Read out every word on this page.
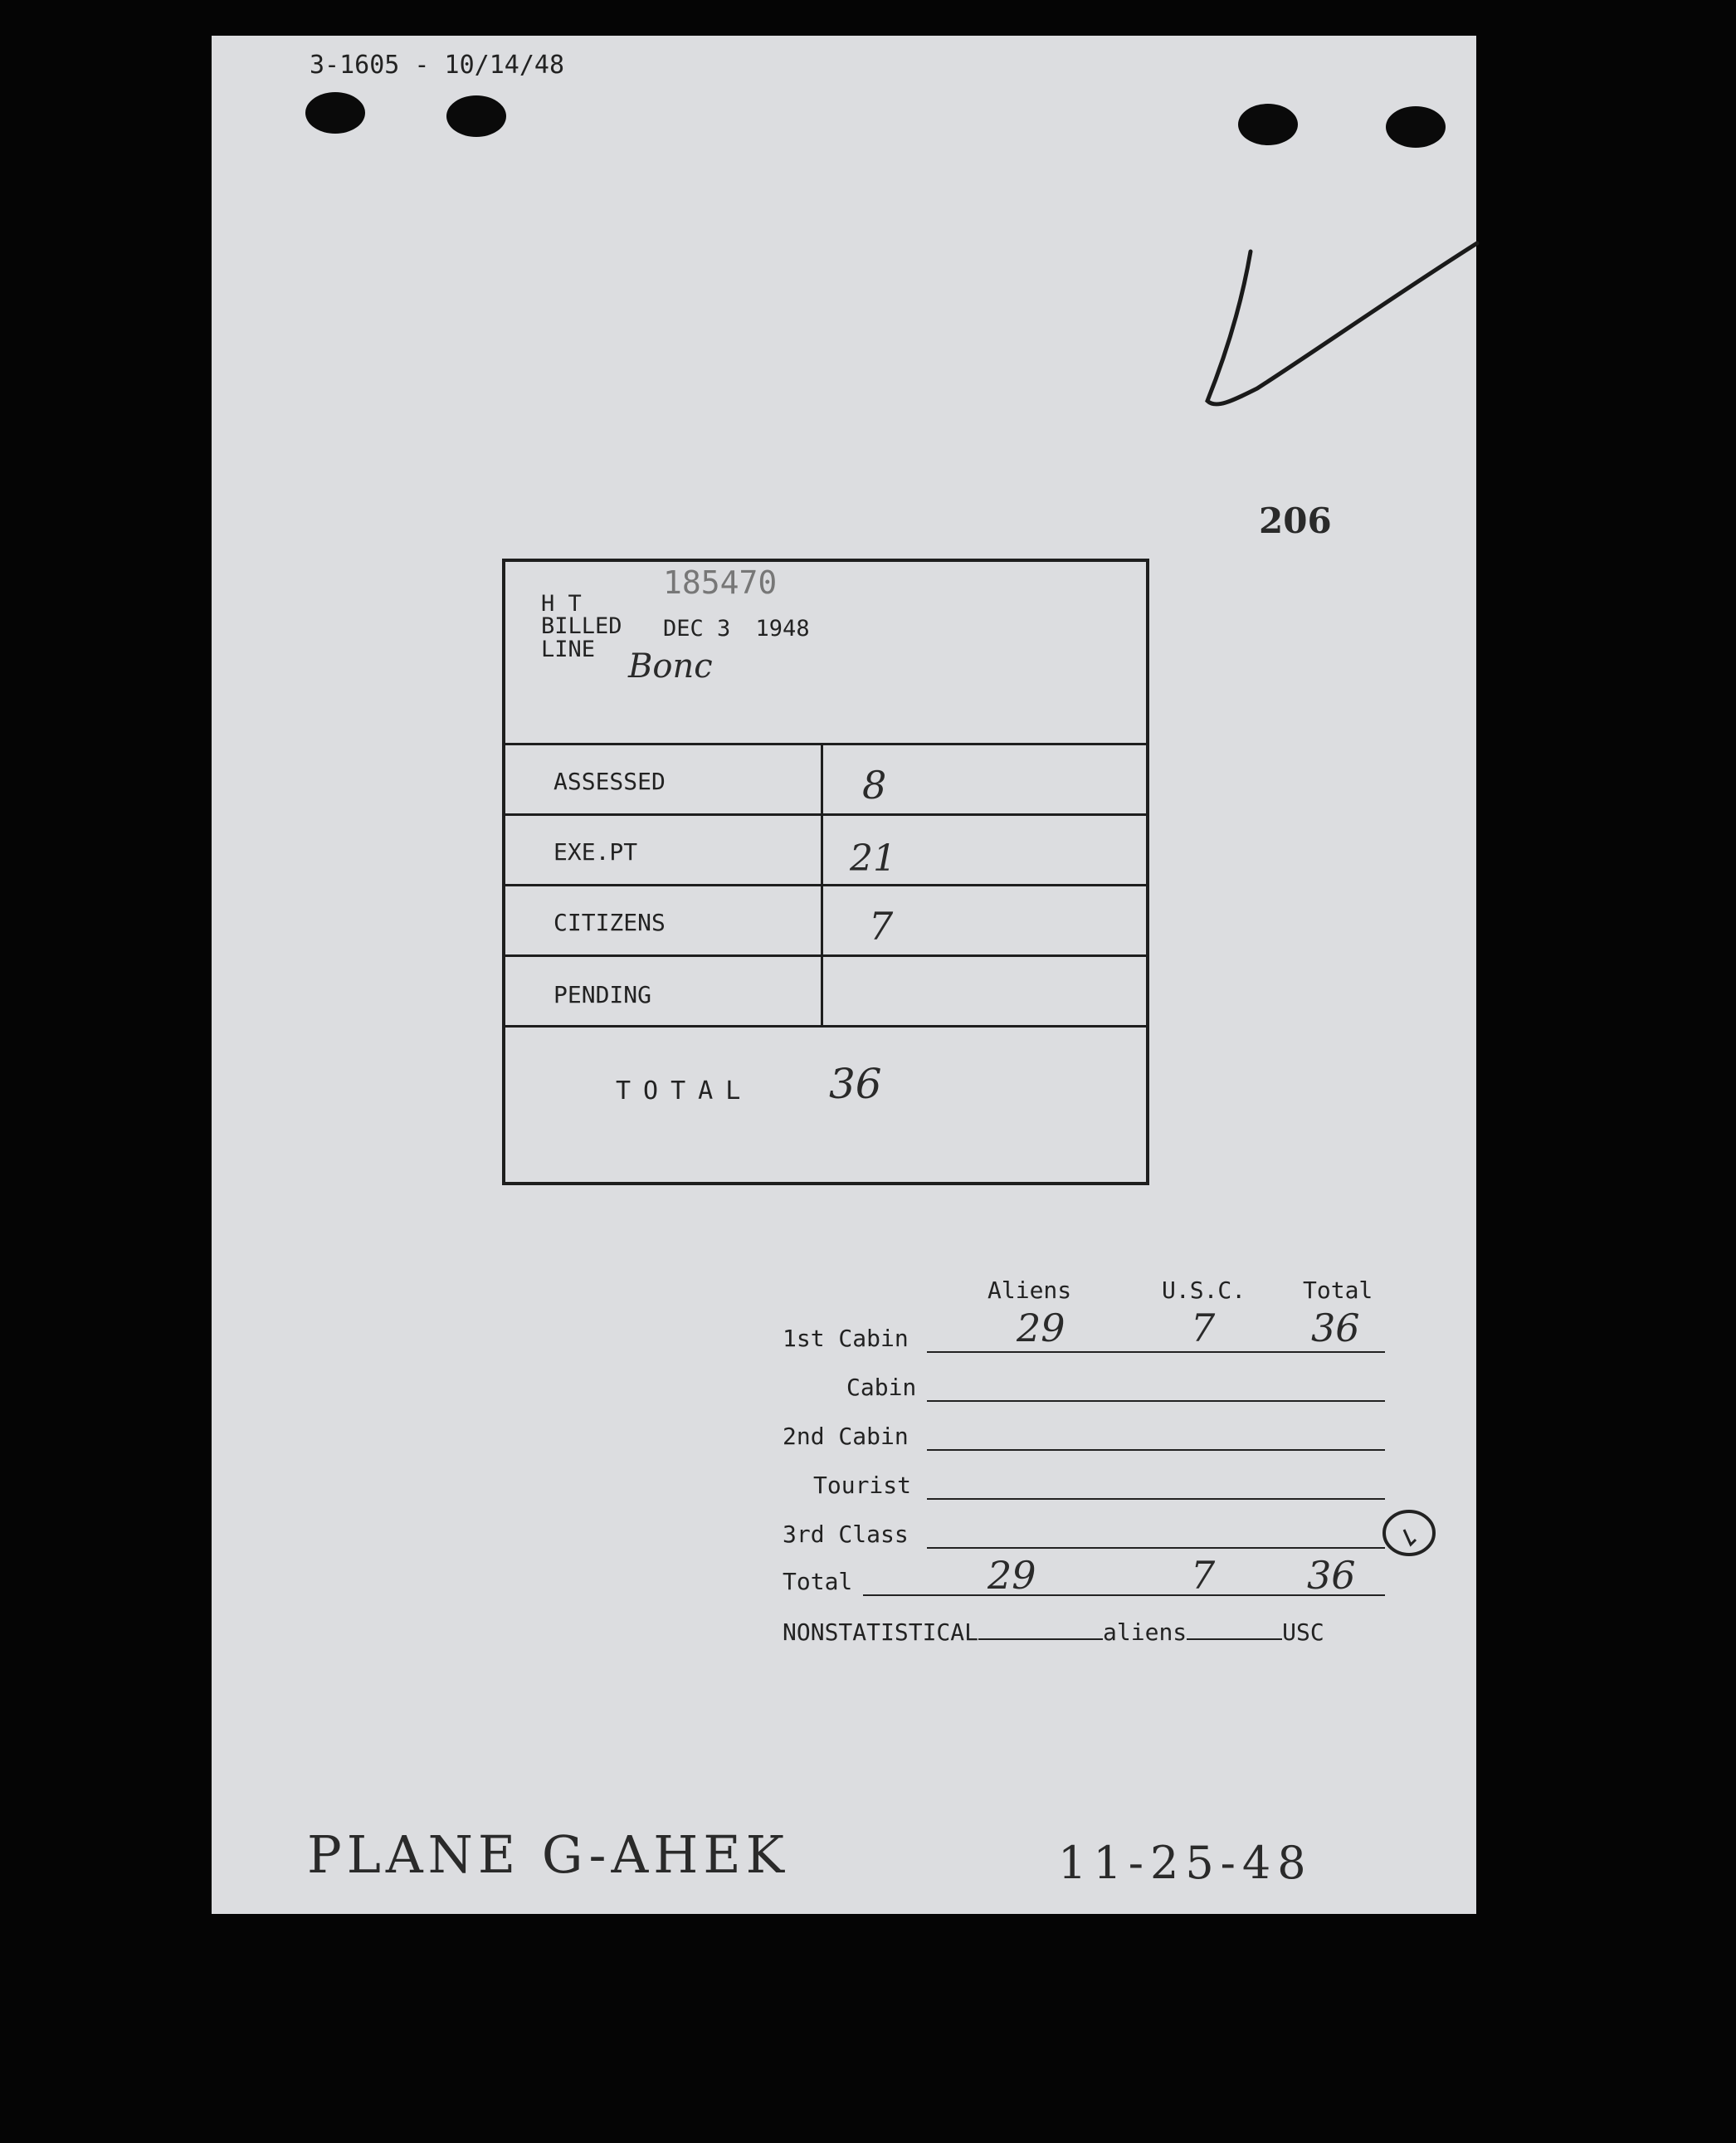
3-1605 - 10/14/48
206
185470
H T
BILLED DEC 3 1948
LINE Bonc
ASSESSED	8
EXE.PT	21
CITIZENS	7
PENDING
TOTAL 36
Aliens	U.S.C. Total
1st Cabin	29	7	36
Cabin
2nd Cabin
Tourist
3rd Class
Total	29	7 36
NONSTATISTICAL	aliens	USC
PLANE G-AHEK	11-25-48
